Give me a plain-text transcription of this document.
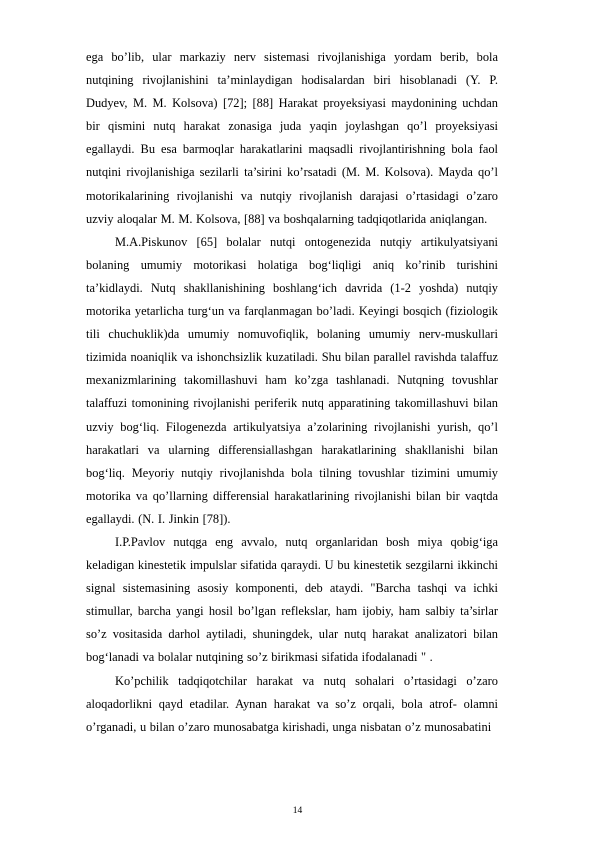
ega bo’lib, ular markaziy nerv sistemasi rivojlanishiga yordam berib, bola nutqining rivojlanishini ta’minlaydigan hodisalardan biri hisoblanadi (Y. P. Dudyev, M. M. Kolsova) [72]; [88] Harakat proyeksiyasi maydonining uchdan bir qismini nutq harakat zonasiga juda yaqin joylashgan qo’l proyeksiyasi egallaydi. Bu esa barmoqlar harakatlarini maqsadli rivojlantirishning bola faol nutqini rivojlanishiga sezilarli ta’sirini ko’rsatadi (M. M. Kolsova). Mayda qo’l motorikalarining rivojlanishi va nutqiy rivojlanish darajasi o’rtasidagi o’zaro uzviy aloqalar M. M. Kolsova, [88] va boshqalarning tadqiqotlarida aniqlangan.

M.A.Piskunov [65] bolalar nutqi ontogenezida nutqiy artikulyatsiyani bolaning umumiy motorikasi holatiga bog‘liqligi aniq ko’rinib turishini ta’kidlaydi. Nutq shakllanishining boshlang‘ich davrida (1-2 yoshda) nutqiy motorika yetarlicha turg‘un va farqlanmagan bo’ladi. Keyingi bosqich (fiziologik tili chuchuklik)da umumiy nomuvofiqlik, bolaning umumiy nerv-muskullari tizimida noaniqlik va ishonchsizlik kuzatiladi. Shu bilan parallel ravishda talaffuz mexanizmlarining takomillashuvi ham ko’zga tashlanadi. Nutqning tovushlar talaffuzi tomonining rivojlanishi periferik nutq apparatining takomillashuvi bilan uzviy bog‘liq. Filogenezda artikulyatsiya a’zolarining rivojlanishi yurish, qo’l harakatlari va ularning differensiallashgan harakatlarining shakllanishi bilan bog‘liq. Meyoriy nutqiy rivojlanishda bola tilning tovushlar tizimini umumiy motorika va qo’llarning differensial harakatlarining rivojlanishi bilan bir vaqtda egallaydi. (N. I. Jinkin [78]).

I.P.Pavlov nutqga eng avvalo, nutq organlaridan bosh miya qobig‘iga keladigan kinestetik impulslar sifatida qaraydi. U bu kinestetik sezgilarni ikkinchi signal sistemasining asosiy komponenti, deb ataydi. "Barcha tashqi va ichki stimullar, barcha yangi hosil bo’lgan reflekslar, ham ijobiy, ham salbiy ta’sirlar so’z vositasida darhol aytiladi, shuningdek, ular nutq harakat analizatori bilan bog‘lanadi va bolalar nutqining so’z birikmasi sifatida ifodalanadi " .

Ko’pchilik tadqiqotchilar harakat va nutq sohalari o’rtasidagi o’zaro aloqadorlikni qayd etadilar. Aynan harakat va so’z orqali, bola atrof- olamni o’rganadi, u bilan o’zaro munosabatga kirishadi, unga nisbatan o’z munosabatini

14
